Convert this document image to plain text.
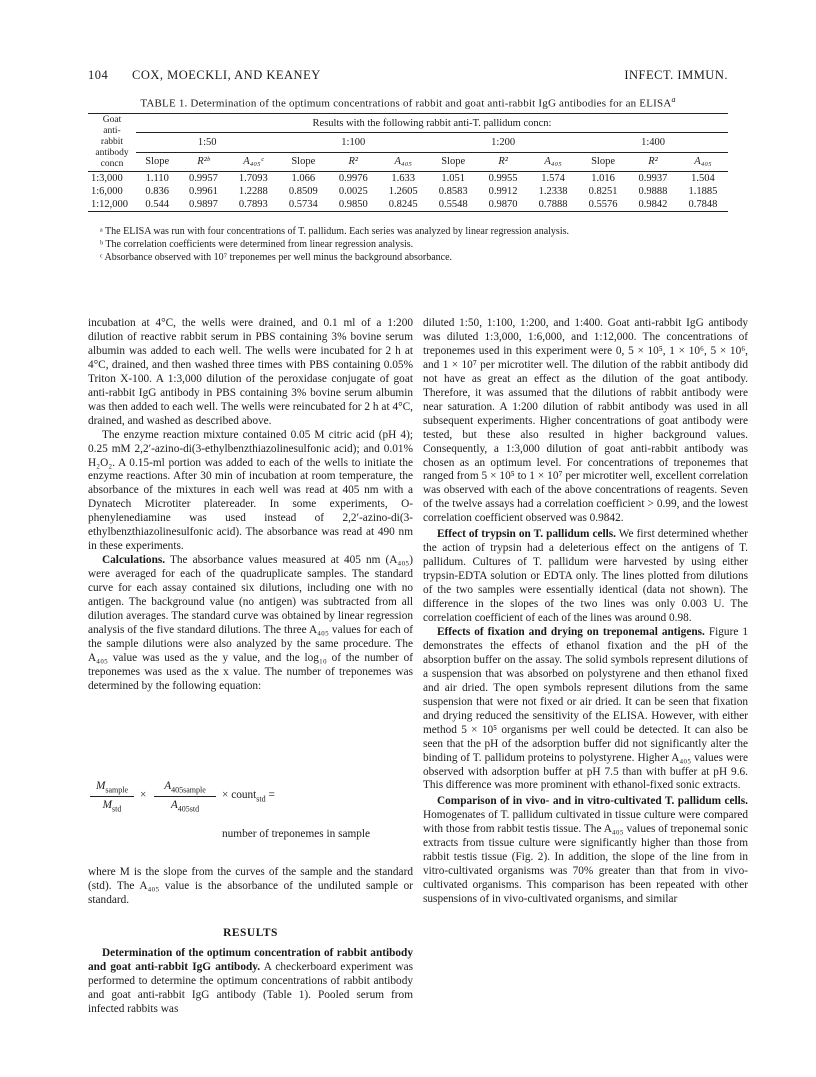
104 COX, MOECKLI, AND KEANEY	INFECT. IMMUN.
TABLE 1. Determination of the optimum concentrations of rabbit and goat anti-rabbit IgG antibodies for an ELISA$^a$
Goat
anti-
rabbit
antibody
concn	Results with the following rabbit anti-T. pallidum concn:											
	1:50			1:100			1:200			1:400		
	Slope	R²ᵇ	A₄₀₅ᶜ	Slope	R²	A₄₀₅	Slope	R²	A₄₀₅	Slope	R²	A₄₀₅
1:3,000	1.110	0.9957	1.7093	1.066	0.9976	1.633	1.051	0.9955	1.574	1.016	0.9937	1.504
1:6,000	0.836	0.9961	1.2288	0.8509	0.0025	1.2605	0.8583	0.9912	1.2338	0.8251	0.9888	1.1885
1:12,000	0.544	0.9897	0.7893	0.5734	0.9850	0.8245	0.5548	0.9870	0.7888	0.5576	0.9842	0.7848
ᵃ The ELISA was run with four concentrations of T. pallidum. Each series was analyzed by linear regression analysis.
ᵇ The correlation coefficients were determined from linear regression analysis.
ᶜ Absorbance observed with 10⁷ treponemes per well minus the background absorbance.

incubation at 4°C, the wells were drained, and 0.1 ml of a 1:200 dilution of reactive rabbit serum in PBS containing 3% bovine serum albumin was added to each well. The wells were incubated for 2 h at 4°C, drained, and then washed three times with PBS containing 0.05% Triton X-100. A 1:3,000 dilution of the peroxidase conjugate of goat anti-rabbit IgG antibody in PBS containing 3% bovine serum albumin was then added to each well. The wells were reincubated for 2 h at 4°C, drained, and washed as described above.

The enzyme reaction mixture contained 0.05 M citric acid (pH 4); 0.25 mM 2,2′-azino-di(3-ethylbenzthiazolinesulfonic acid); and 0.01% H₂O₂. A 0.15-ml portion was added to each of the wells to initiate the enzyme reactions. After 30 min of incubation at room temperature, the absorbance of the mixtures in each well was read at 405 nm with a Dynatech Microtiter platereader. In some experiments, O-phenylenediamine was used instead of 2,2′-azino-di(3-ethylbenzthiazolinesulfonic acid). The absorbance was read at 490 nm in these experiments.

Calculations. The absorbance values measured at 405 nm (A₄₀₅) were averaged for each of the quadruplicate samples. The standard curve for each assay contained six dilutions, including one with no antigen. The background value (no antigen) was subtracted from all dilution averages. The standard curve was obtained by linear regression analysis of the five standard dilutions. The three A₄₀₅ values for each of the sample dilutions were also analyzed by the same procedure. The A₄₀₅ value was used as the y value, and the log₁₀ of the number of treponemes was used as the x value. The number of treponemes was determined by the following equation:

$M_{sample}$
$M_{std}$
×
$A_{405sample}$
$A_{405std}$
× count$_{std}$ =
number of treponemes in sample

where M is the slope from the curves of the sample and the standard (std). The A₄₀₅ value is the absorbance of the undiluted sample or standard.

RESULTS

Determination of the optimum concentration of rabbit antibody and goat anti-rabbit IgG antibody. A checkerboard experiment was performed to determine the optimum concentrations of rabbit antibody and goat anti-rabbit IgG antibody (Table 1). Pooled serum from infected rabbits was

diluted 1:50, 1:100, 1:200, and 1:400. Goat anti-rabbit IgG antibody was diluted 1:3,000, 1:6,000, and 1:12,000. The concentrations of treponemes used in this experiment were 0, 5 × 10⁵, 1 × 10⁶, 5 × 10⁶, and 1 × 10⁷ per microtiter well. The dilution of the rabbit antibody did not have as great an effect as the dilution of the goat antibody. Therefore, it was assumed that the dilutions of rabbit antibody were near saturation. A 1:200 dilution of rabbit antibody was used in all subsequent experiments. Higher concentrations of goat antibody were tested, but these also resulted in higher background values. Consequently, a 1:3,000 dilution of goat anti-rabbit antibody was chosen as an optimum level. For concentrations of treponemes that ranged from 5 × 10⁵ to 1 × 10⁷ per microtiter well, excellent correlation was observed with each of the above concentrations of reagents. Seven of the twelve assays had a correlation coefficient > 0.99, and the lowest correlation coefficient observed was 0.9842.

Effect of trypsin on T. pallidum cells. We first determined whether the action of trypsin had a deleterious effect on the antigens of T. pallidum. Cultures of T. pallidum were harvested by using either trypsin-EDTA solution or EDTA only. The lines plotted from dilutions of the two samples were essentially identical (data not shown). The difference in the slopes of the two lines was only 0.003 U. The correlation coefficient of each of the lines was around 0.98.

Effects of fixation and drying on treponemal antigens. Figure 1 demonstrates the effects of ethanol fixation and the pH of the absorption buffer on the assay. The solid symbols represent dilutions of a suspension that was absorbed on polystyrene and then ethanol fixed and air dried. The open symbols represent dilutions from the same suspension that were not fixed or air dried. It can be seen that fixation and drying reduced the sensitivity of the ELISA. However, with either method 5 × 10⁵ organisms per well could be detected. It can also be seen that the pH of the adsorption buffer did not significantly alter the binding of T. pallidum proteins to polystyrene. Higher A₄₀₅ values were observed with adsorption buffer at pH 7.5 than with buffer at pH 9.6. This difference was more prominent with ethanol-fixed sonic extracts.

Comparison of in vivo- and in vitro-cultivated T. pallidum cells. Homogenates of T. pallidum cultivated in tissue culture were compared with those from rabbit testis tissue. The A₄₀₅ values of treponemal sonic extracts from tissue culture were significantly higher than those from rabbit testis tissue (Fig. 2). In addition, the slope of the line from in vitro-cultivated organisms was 70% greater than that from in vivo-cultivated organisms. This comparison has been repeated with other suspensions of in vivo-cultivated organisms, and similar
